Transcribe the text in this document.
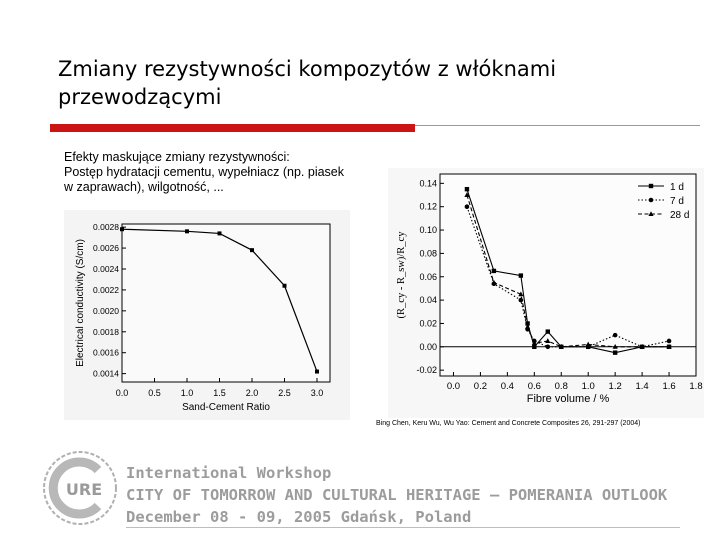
Zmiany rezystywności kompozytów z włóknami przewodzącymi
Efekty maskujące zmiany rezystywności:
Postęp hydratacji cementu, wypełniacz (np. piasek
w zaprawach), wilgotność, ...
0.0 0.5 1.0 1.5 2.0 2.5 3.0
0.0028
0.0026
0.0024
0.0022
0.0020
0.0018
0.0016
0.0014
Sand-Cement Ratio
Electrical conductivity (S/cm)
0.0 0.2 0.4 0.6 0.8 1.0 1.2 1.4 1.6 1.8
0.14
0.12
0.10
0.08
0.06
0.04
0.02
0.00
-0.02
Fibre volume / %
(R_cy - R_sw)/R_cy
1 d
7 d
28 d
Bing Chen, Keru Wu, Wu Yao: Cement and Concrete Composites 26, 291-297 (2004)
URE
International Workshop
CITY OF TOMORROW AND CULTURAL HERITAGE – POMERANIA OUTLOOK
December 08 - 09, 2005 Gdańsk, Poland
